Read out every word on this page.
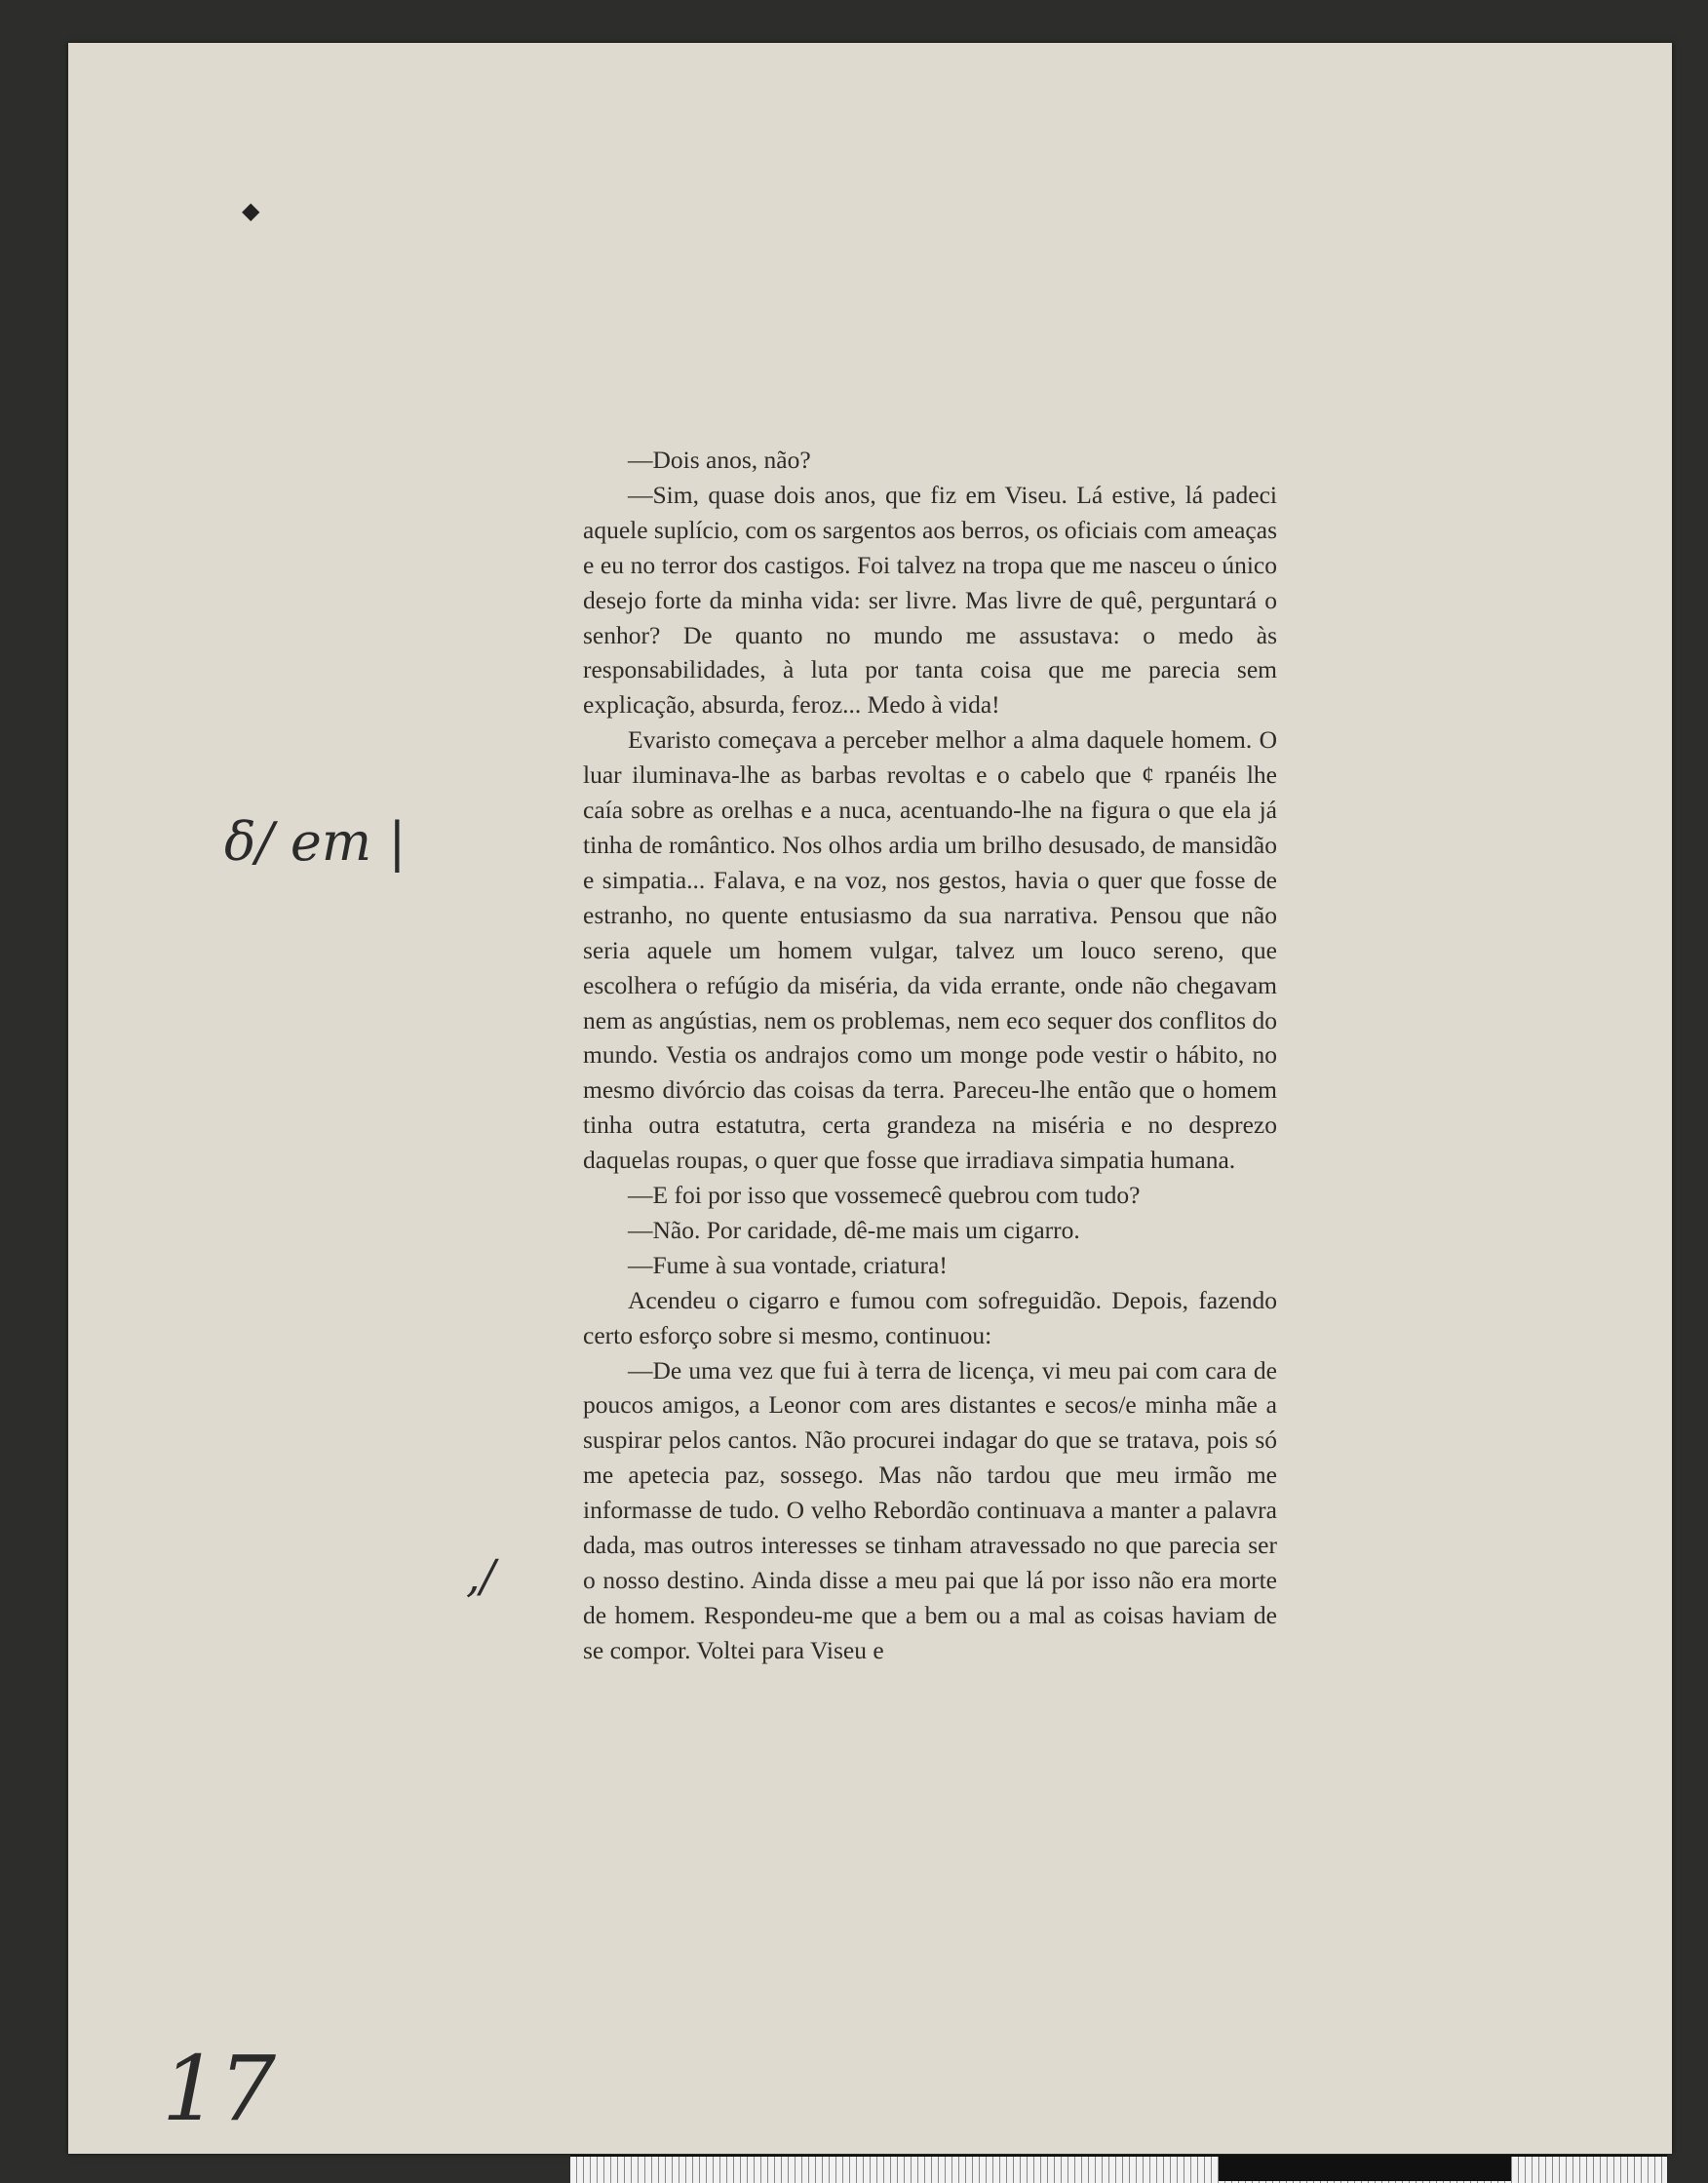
◆
δ/ em |
,/
17

—Dois anos, não?

—Sim, quase dois anos, que fiz em Viseu. Lá estive, lá padeci aquele suplício, com os sargentos aos berros, os oficiais com ameaças e eu no terror dos castigos. Foi talvez na tropa que me nasceu o único desejo forte da minha vida: ser livre. Mas livre de quê, perguntará o senhor? De quanto no mundo me assustava: o medo às responsabilidades, à luta por tanta coisa que me parecia sem explicação, absurda, feroz... Medo à vida!

Evaristo começava a perceber melhor a alma daquele homem. O luar iluminava-lhe as barbas revoltas e o cabelo que ¢ rpanéis lhe caía sobre as orelhas e a nuca, acentuando-lhe na figura o que ela já tinha de romântico. Nos olhos ardia um brilho desusado, de mansidão e simpatia... Falava, e na voz, nos gestos, havia o quer que fosse de estranho, no quente entusiasmo da sua narrativa. Pensou que não seria aquele um homem vulgar, talvez um louco sereno, que escolhera o refúgio da miséria, da vida errante, onde não chegavam nem as angústias, nem os problemas, nem eco sequer dos conflitos do mundo. Vestia os andrajos como um monge pode vestir o hábito, no mesmo divórcio das coisas da terra. Pareceu-lhe então que o homem tinha outra estatutra, certa grandeza na miséria e no desprezo daquelas roupas, o quer que fosse que irradiava simpatia humana.

—E foi por isso que vossemecê quebrou com tudo?

—Não. Por caridade, dê-me mais um cigarro.

—Fume à sua vontade, criatura!

Acendeu o cigarro e fumou com sofreguidão. Depois, fazendo certo esforço sobre si mesmo, continuou:

—De uma vez que fui à terra de licença, vi meu pai com cara de poucos amigos, a Leonor com ares distantes e secos/e minha mãe a suspirar pelos cantos. Não procurei indagar do que se tratava, pois só me apetecia paz, sossego. Mas não tardou que meu irmão me informasse de tudo. O velho Rebordão continuava a manter a palavra dada, mas outros interesses se tinham atravessado no que parecia ser o nosso destino. Ainda disse a meu pai que lá por isso não era morte de homem. Respondeu-me que a bem ou a mal as coisas haviam de se compor. Voltei para Viseu e
